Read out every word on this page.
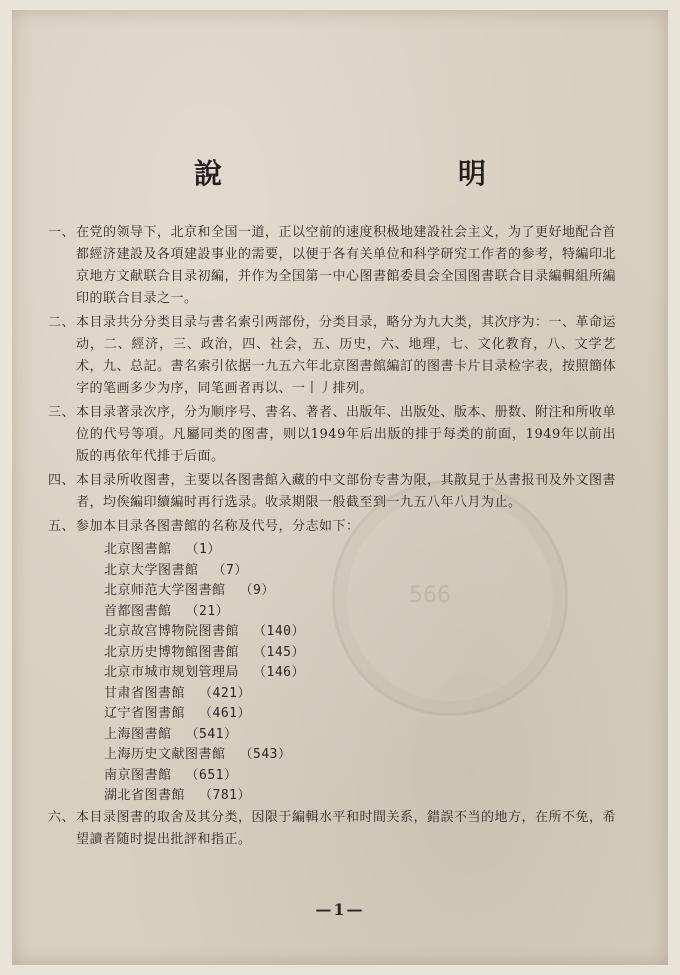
566
說　　明

一、 在党的领导下，北京和全国一道，正以空前的速度积极地建設社会主义，为了更好地配合首都經济建設及各項建設事业的需要，以便于各有关单位和科学研究工作者的参考，特編印北京地方文献联合目录初編，并作为全国第一中心图書館委員会全国图書联合目录編輯組所編印的联合目录之一。

二、 本目录共分分类目录与書名索引两部份，分类目录，略分为九大类，其次序为：一、革命运动，二、經济，三、政治，四、社会，五、历史，六、地理，七、文化教育，八、文学艺术，九、总記。書名索引依据一九五六年北京图書館編訂的图書卡片目录检字表，按照簡体字的笔画多少为序，同笔画者再以、一丨丿排列。

三、 本目录著录次序，分为顺序号、書名、著者、出版年、出版处、版本、册数、附注和所收单位的代号等項。凡屬同类的图書，则以1949年后出版的排于每类的前面，1949年以前出版的再依年代排于后面。

四、 本目录所收图書，主要以各图書館入藏的中文部份专書为限，其散見于丛書报刊及外文图書者，均俟編印續編时再行选录。收录期限一般截至到一九五八年八月为止。

五、 参加本目录各图書館的名称及代号，分志如下：

北京图書館 （1）
北京大学图書館 （7）
北京师范大学图書館 （9）
首都图書館 （21）
北京故宫博物院图書館 （140）
北京历史博物館图書館 （145）
北京市城市规划管理局 （146）
甘肃省图書館 （421）
辽宁省图書館 （461）
上海图書館 （541）
上海历史文献图書館 （543）
南京图書館 （651）
湖北省图書館 （781）

六、 本目录图書的取舍及其分类，因限于編輯水平和时間关系，錯誤不当的地方，在所不免，希望讀者随时提出批評和指正。

—1—
